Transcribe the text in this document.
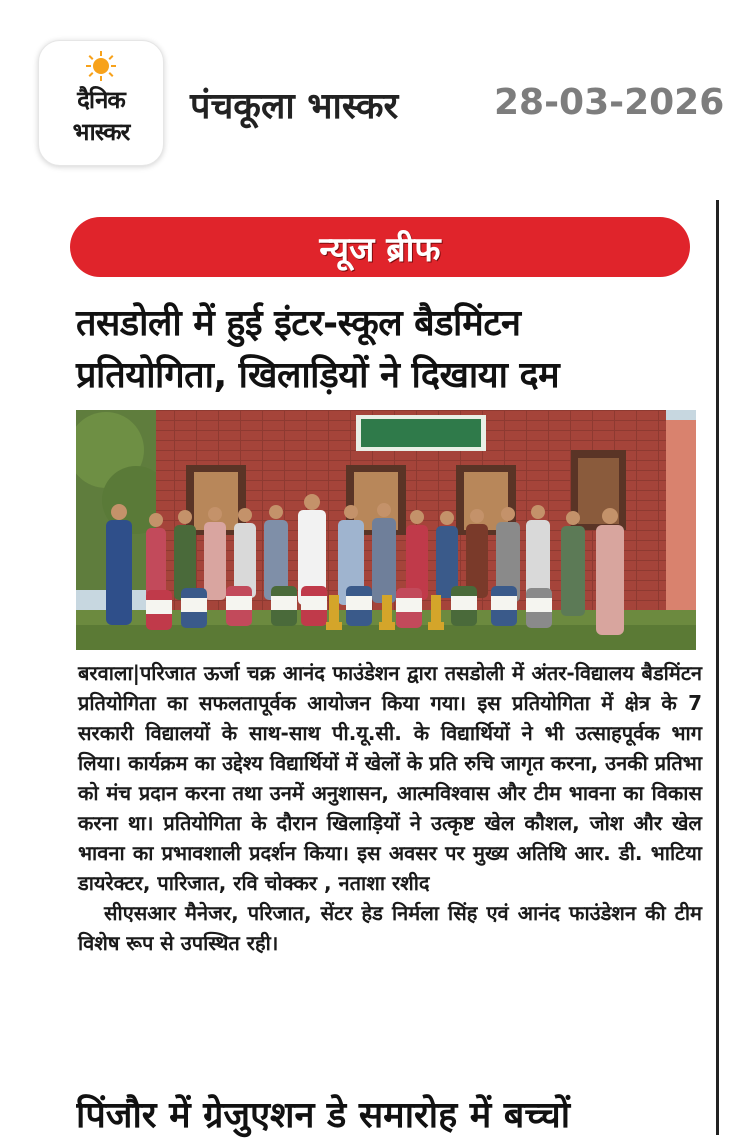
दैनिक
भास्कर
पंचकूला भास्कर	28-03-2026
न्यूज ब्रीफ
तसडोली में हुई इंटर-स्कूल बैडमिंटन
प्रतियोगिता, खिलाड़ियों ने दिखाया दम

बरवाला|परिजात ऊर्जा चक्र आनंद फाउंडेशन द्वारा तसडोली में अंतर-विद्यालय बैडमिंटन प्रतियोगिता का सफलतापूर्वक आयोजन किया गया। इस प्रतियोगिता में क्षेत्र के 7 सरकारी विद्यालयों के साथ-साथ पी.यू.सी. के विद्यार्थियों ने भी उत्साहपूर्वक भाग लिया। कार्यक्रम का उद्देश्य विद्यार्थियों में खेलों के प्रति रुचि जागृत करना, उनकी प्रतिभा को मंच प्रदान करना तथा उनमें अनुशासन, आत्मविश्वास और टीम भावना का विकास करना था। प्रतियोगिता के दौरान खिलाड़ियों ने उत्कृष्ट खेल कौशल, जोश और खेल भावना का प्रभावशाली प्रदर्शन किया। इस अवसर पर मुख्य अतिथि आर. डी. भाटिया डायरेक्टर, पारिजात, रवि चोक्कर , नताशा रशीद

सीएसआर मैनेजर, परिजात, सेंटर हेड निर्मला सिंह एवं आनंद फाउंडेशन की टीम विशेष रूप से उपस्थित रही।

पिंजौर में ग्रेजुएशन डे समारोह में बच्चों
